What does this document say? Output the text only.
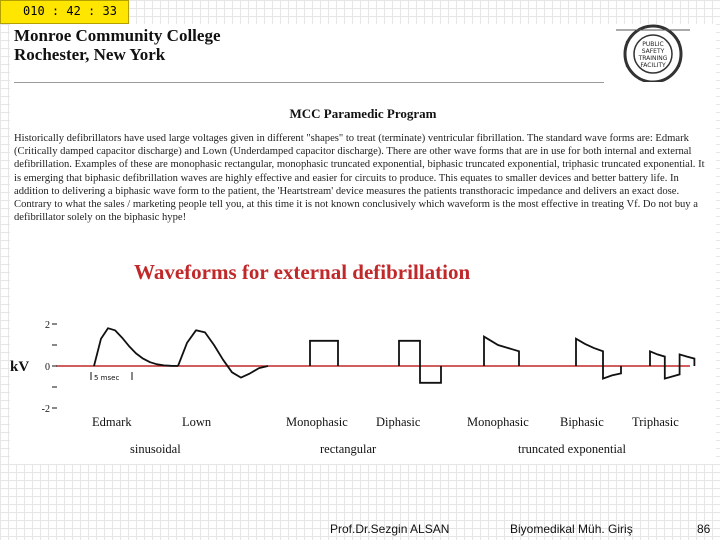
010 : 42 : 33
Monroe Community College
Rochester, New York
PUBLIC
SAFETY
TRAINING
FACILITY
MCC Paramedic Program
Historically defibrillators have used large voltages given in different "shapes" to treat (terminate) ventricular fibrillation. The standard wave forms are: Edmark (Critically damped capacitor discharge) and Lown (Underdamped capacitor discharge). There are other wave forms that are in use for both internal and external defibrillation. Examples of these are monophasic rectangular, monophasic truncated exponential, biphasic truncated exponential, triphasic truncated exponential. It is emerging that biphasic defibrillation waves are highly effective and easier for circuits to produce. This equates to smaller devices and better battery life. In addition to delivering a biphasic wave form to the patient, the 'Heartstream' device measures the patients transthoracic impedance and delivers an exact dose. Contrary to what the sales / marketing people tell you, at this time it is not known conclusively which waveform is the most effective in treating Vf. Do not buy a defibrillator solely on the biphasic hype!
Waveforms for external defibrillation
2
0
-2
kV
5 msec
Edmark	Lown	Monophasic Diphasic	Monophasic Biphasic Triphasic
sinusoidal	rectangular	truncated exponential
Prof.Dr.Sezgin ALSAN	Biyomedikal Müh. Giriş	86
